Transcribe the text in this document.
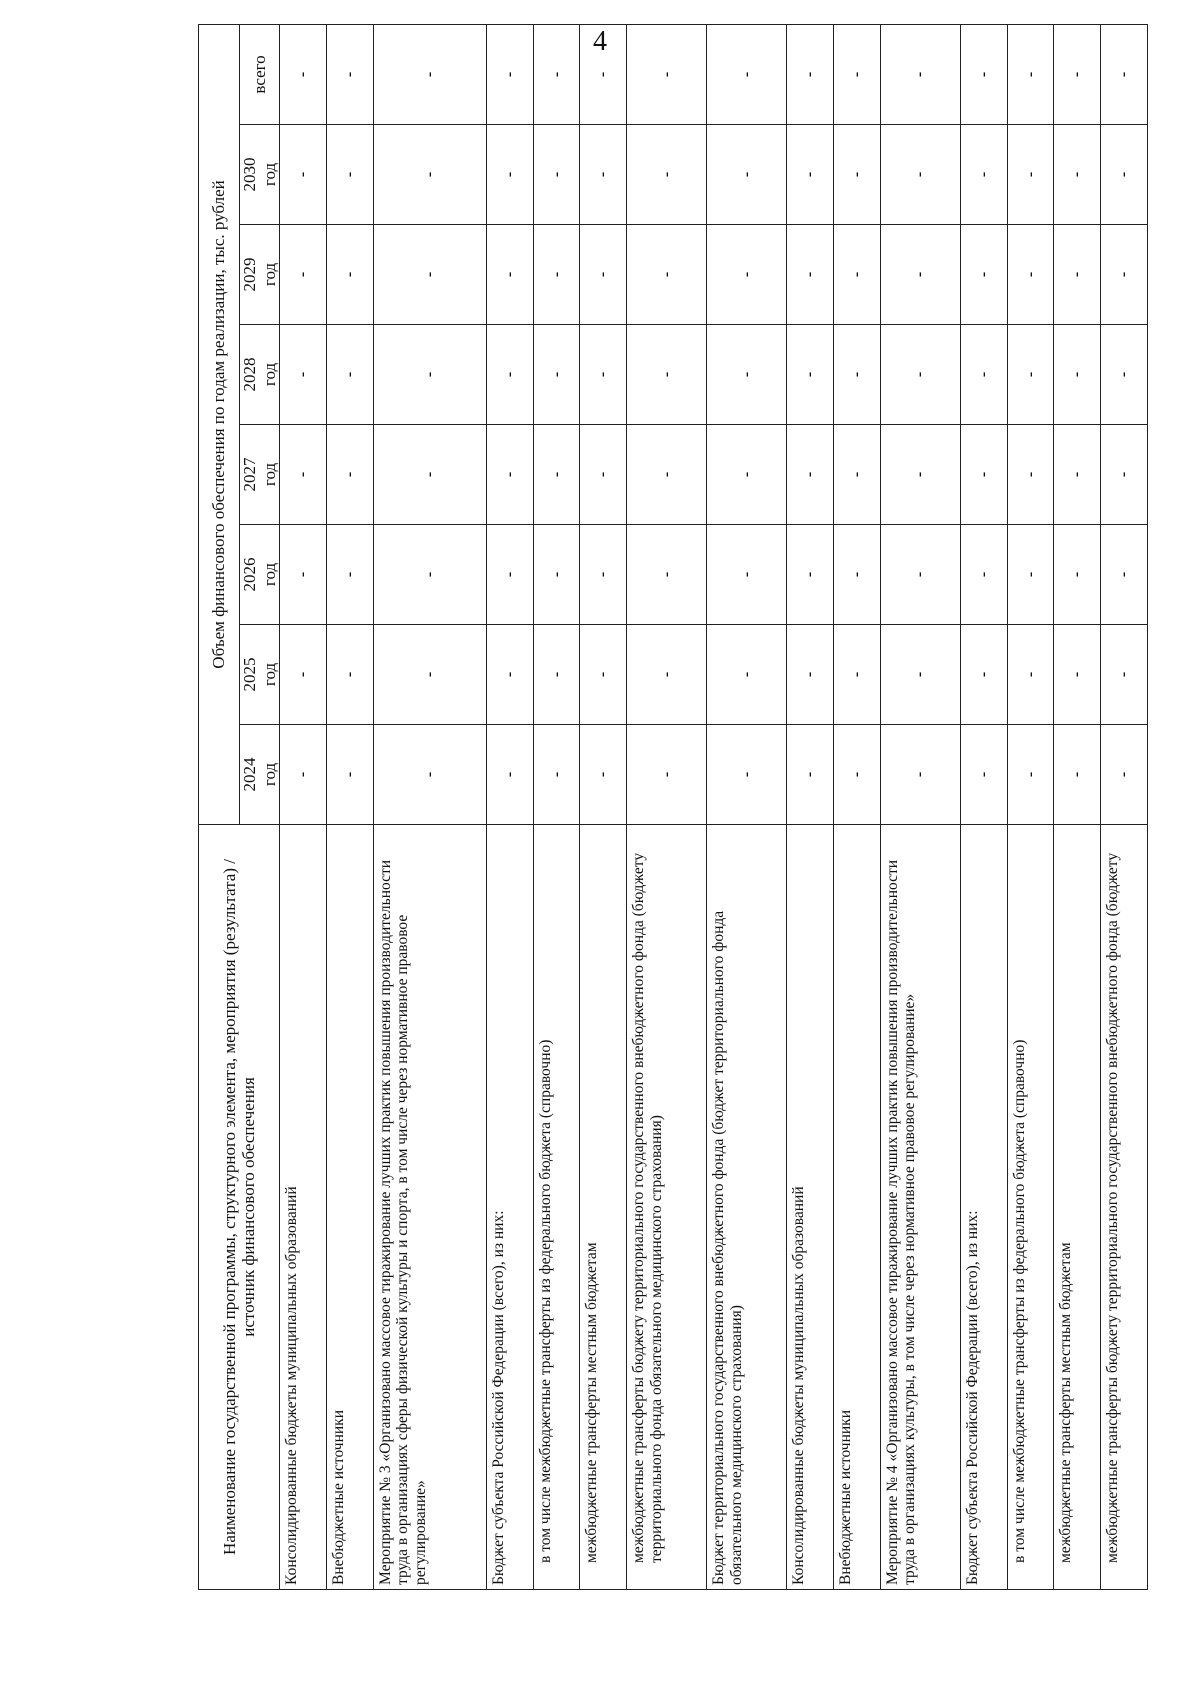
4
Наименование государственной программы, структурного элемента, мероприятия (результата) / источник финансового обеспечения	Объем финансового обеспечения по годам реализации, тыс. рублей							

	2024 год	2025 год	2026 год	2027 год	2028 год	2029 год	2030 год	всего
Консолидированные бюджеты муниципальных образований	-	-	-	-	-	-	-	-
Внебюджетные источники	-	-	-	-	-	-	-	-
Мероприятие № 3 «Организовано массовое тиражирование лучших практик повышения производительности труда в организациях сферы физической культуры и спорта, в том числе через нормативное правовое регулирование»	-	-	-	-	-	-	-	-
Бюджет субъекта Российской Федерации (всего), из них:	-	-	-	-	-	-	-	-
в том числе межбюджетные трансферты из федерального бюджета (справочно)	-	-	-	-	-	-	-	-
межбюджетные трансферты местным бюджетам	-	-	-	-	-	-	-	-
межбюджетные трансферты бюджету территориального государственного внебюджетного фонда (бюджету территориального фонда обязательного медицинского страхования)	-	-	-	-	-	-	-	-
Бюджет территориального государственного внебюджетного фонда (бюджет территориального фонда обязательного медицинского страхования)	-	-	-	-	-	-	-	-
Консолидированные бюджеты муниципальных образований	-	-	-	-	-	-	-	-
Внебюджетные источники	-	-	-	-	-	-	-	-
Мероприятие № 4 «Организовано массовое тиражирование лучших практик повышения производительности труда в организациях культуры, в том числе через нормативное правовое регулирование»	-	-	-	-	-	-	-	-
Бюджет субъекта Российской Федерации (всего), из них:	-	-	-	-	-	-	-	-
в том числе межбюджетные трансферты из федерального бюджета (справочно)	-	-	-	-	-	-	-	-
межбюджетные трансферты местным бюджетам	-	-	-	-	-	-	-	-
межбюджетные трансферты бюджету территориального государственного внебюджетного фонда (бюджету	-	-	-	-	-	-	-	-
